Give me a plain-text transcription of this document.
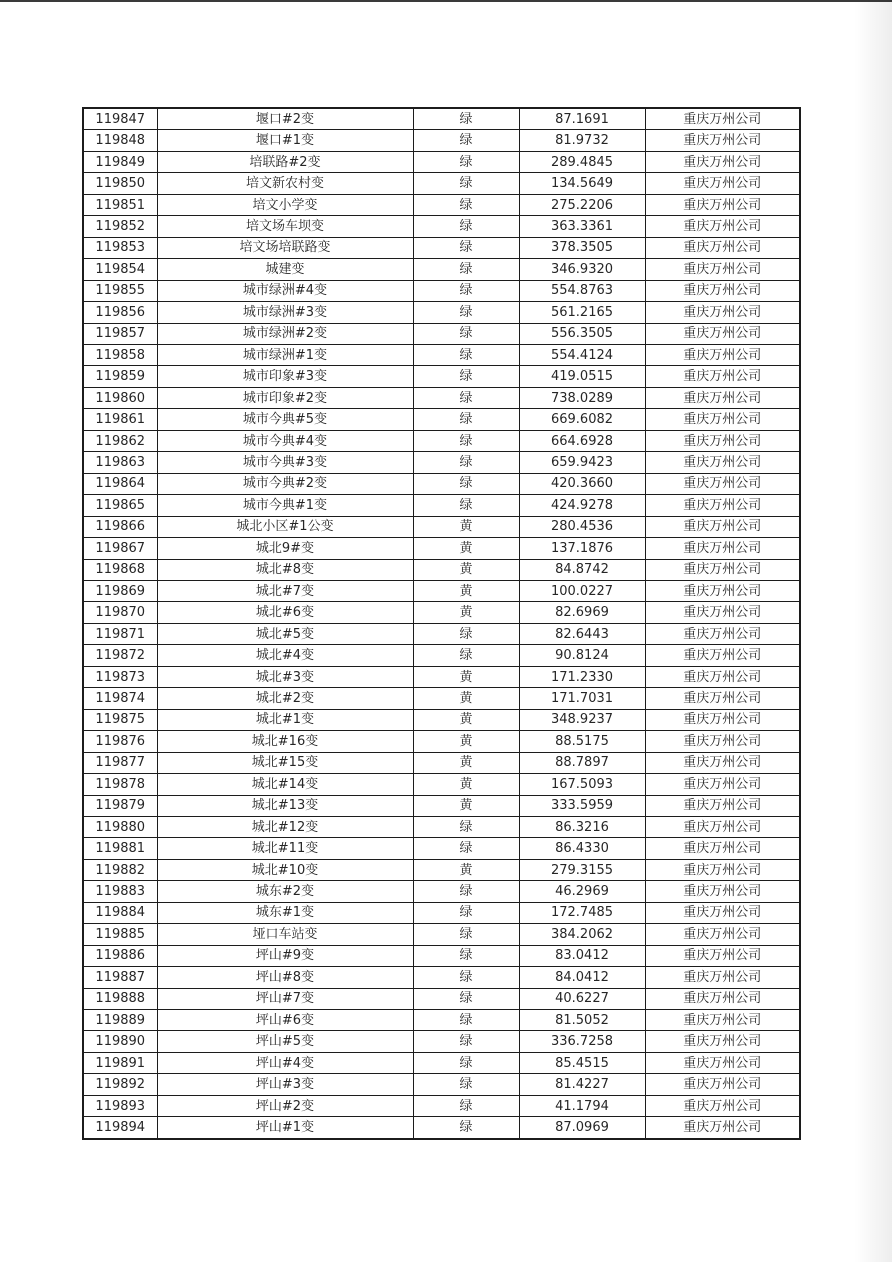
119847	堰口#2变	绿	87.1691	重庆万州公司
119848	堰口#1变	绿	81.9732	重庆万州公司
119849	培联路#2变	绿	289.4845	重庆万州公司
119850	培文新农村变	绿	134.5649	重庆万州公司
119851	培文小学变	绿	275.2206	重庆万州公司
119852	培文场车坝变	绿	363.3361	重庆万州公司
119853	培文场培联路变	绿	378.3505	重庆万州公司
119854	城建变	绿	346.9320	重庆万州公司
119855	城市绿洲#4变	绿	554.8763	重庆万州公司
119856	城市绿洲#3变	绿	561.2165	重庆万州公司
119857	城市绿洲#2变	绿	556.3505	重庆万州公司
119858	城市绿洲#1变	绿	554.4124	重庆万州公司
119859	城市印象#3变	绿	419.0515	重庆万州公司
119860	城市印象#2变	绿	738.0289	重庆万州公司
119861	城市今典#5变	绿	669.6082	重庆万州公司
119862	城市今典#4变	绿	664.6928	重庆万州公司
119863	城市今典#3变	绿	659.9423	重庆万州公司
119864	城市今典#2变	绿	420.3660	重庆万州公司
119865	城市今典#1变	绿	424.9278	重庆万州公司
119866	城北小区#1公变	黄	280.4536	重庆万州公司
119867	城北9#变	黄	137.1876	重庆万州公司
119868	城北#8变	黄	84.8742	重庆万州公司
119869	城北#7变	黄	100.0227	重庆万州公司
119870	城北#6变	黄	82.6969	重庆万州公司
119871	城北#5变	绿	82.6443	重庆万州公司
119872	城北#4变	绿	90.8124	重庆万州公司
119873	城北#3变	黄	171.2330	重庆万州公司
119874	城北#2变	黄	171.7031	重庆万州公司
119875	城北#1变	黄	348.9237	重庆万州公司
119876	城北#16变	黄	88.5175	重庆万州公司
119877	城北#15变	黄	88.7897	重庆万州公司
119878	城北#14变	黄	167.5093	重庆万州公司
119879	城北#13变	黄	333.5959	重庆万州公司
119880	城北#12变	绿	86.3216	重庆万州公司
119881	城北#11变	绿	86.4330	重庆万州公司
119882	城北#10变	黄	279.3155	重庆万州公司
119883	城东#2变	绿	46.2969	重庆万州公司
119884	城东#1变	绿	172.7485	重庆万州公司
119885	垭口车站变	绿	384.2062	重庆万州公司
119886	坪山#9变	绿	83.0412	重庆万州公司
119887	坪山#8变	绿	84.0412	重庆万州公司
119888	坪山#7变	绿	40.6227	重庆万州公司
119889	坪山#6变	绿	81.5052	重庆万州公司
119890	坪山#5变	绿	336.7258	重庆万州公司
119891	坪山#4变	绿	85.4515	重庆万州公司
119892	坪山#3变	绿	81.4227	重庆万州公司
119893	坪山#2变	绿	41.1794	重庆万州公司
119894	坪山#1变	绿	87.0969	重庆万州公司
